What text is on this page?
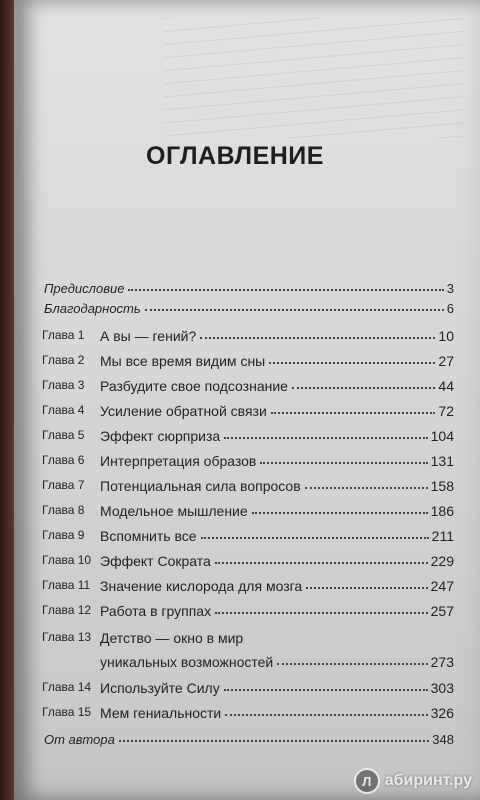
ОГЛАВЛЕНИЕ
Предисловие	3
Благодарность	6
Глава 1	А вы — гений?	10
Глава 2	Мы все время видим сны	27
Глава 3	Разбудите свое подсознание	44
Глава 4	Усиление обратной связи	72
Глава 5	Эффект сюрприза	104
Глава 6	Интерпретация образов	131
Глава 7	Потенциальная сила вопросов	158
Глава 8	Модельное мышление	186
Глава 9	Вспомнить все	211
Глава 10 Эффект Сократа	229
Глава 11 Значение кислорода для мозга	247
Глава 12 Работа в группах	257
Глава 13 Детство — окно в мир
уникальных возможностей	273
Глава 14 Используйте Силу	303
Глава 15 Мем гениальности	326
От автора	348
Л абиринт.ру
